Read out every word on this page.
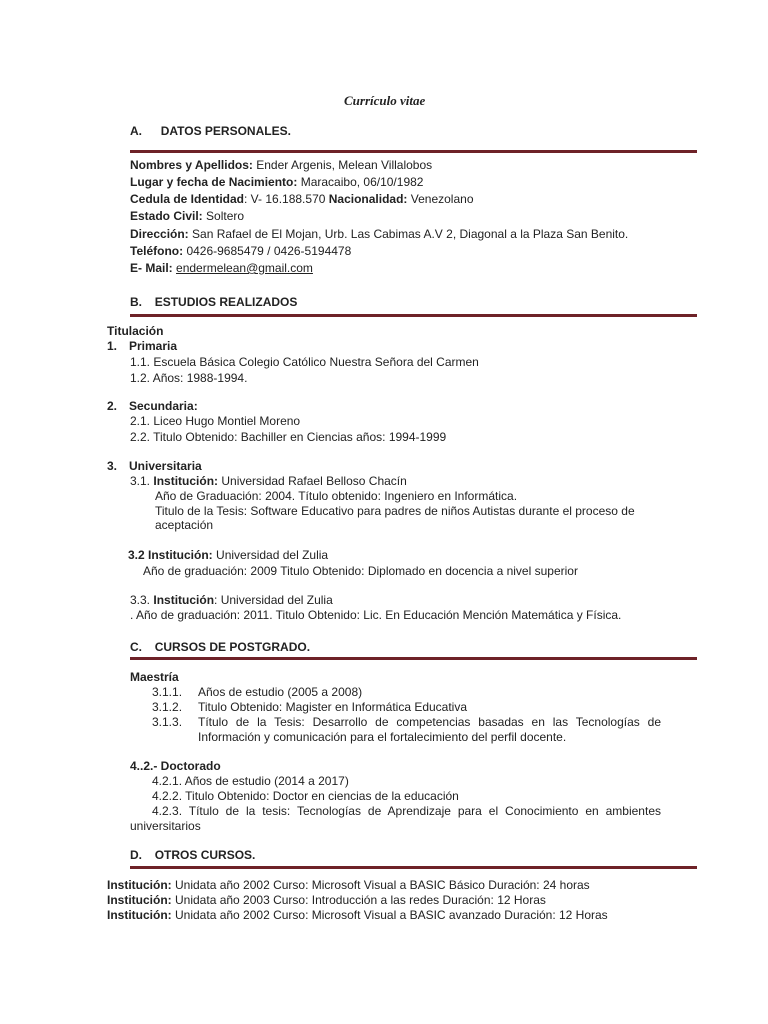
Currículo vitae
A. DATOS PERSONALES.
Nombres y Apellidos: Ender Argenis, Melean Villalobos
Lugar y fecha de Nacimiento: Maracaibo, 06/10/1982
Cedula de Identidad: V- 16.188.570 Nacionalidad: Venezolano
Estado Civil: Soltero
Dirección: San Rafael de El Mojan, Urb. Las Cabimas A.V 2, Diagonal a la Plaza San Benito.
Teléfono: 0426-9685479 / 0426-5194478
E- Mail: endermelean@gmail.com
B. ESTUDIOS REALIZADOS
Titulación
1. Primaria
1.1. Escuela Básica Colegio Católico Nuestra Señora del Carmen
1.2. Años: 1988-1994.
2. Secundaria:
2.1. Liceo Hugo Montiel Moreno
2.2. Titulo Obtenido: Bachiller en Ciencias años: 1994-1999
3. Universitaria
3.1. Institución: Universidad Rafael Belloso Chacín
Año de Graduación: 2004. Título obtenido: Ingeniero en Informática.
Titulo de la Tesis: Software Educativo para padres de niños Autistas durante el proceso de
aceptación
3.2 Institución: Universidad del Zulia
Año de graduación: 2009 Titulo Obtenido: Diplomado en docencia a nivel superior
3.3. Institución: Universidad del Zulia
. Año de graduación: 2011. Titulo Obtenido: Lic. En Educación Mención Matemática y Física.
C. CURSOS DE POSTGRADO.
Maestría
3.1.1. Años de estudio (2005 a 2008)
3.1.2. Titulo Obtenido: Magister en Informática Educativa
3.1.3. Título de la Tesis: Desarrollo de competencias basadas en las Tecnologías de Información y comunicación para el fortalecimiento del perfil docente.
4..2.- Doctorado
4.2.1. Años de estudio (2014 a 2017)
4.2.2. Titulo Obtenido: Doctor en ciencias de la educación
4.2.3. Título de la tesis: Tecnologías de Aprendizaje para el Conocimiento en ambientes universitarios
D. OTROS CURSOS.
Institución: Unidata año 2002 Curso: Microsoft Visual a BASIC Básico Duración: 24 horas
Institución: Unidata año 2003 Curso: Introducción a las redes Duración: 12 Horas
Institución: Unidata año 2002 Curso: Microsoft Visual a BASIC avanzado Duración: 12 Horas
